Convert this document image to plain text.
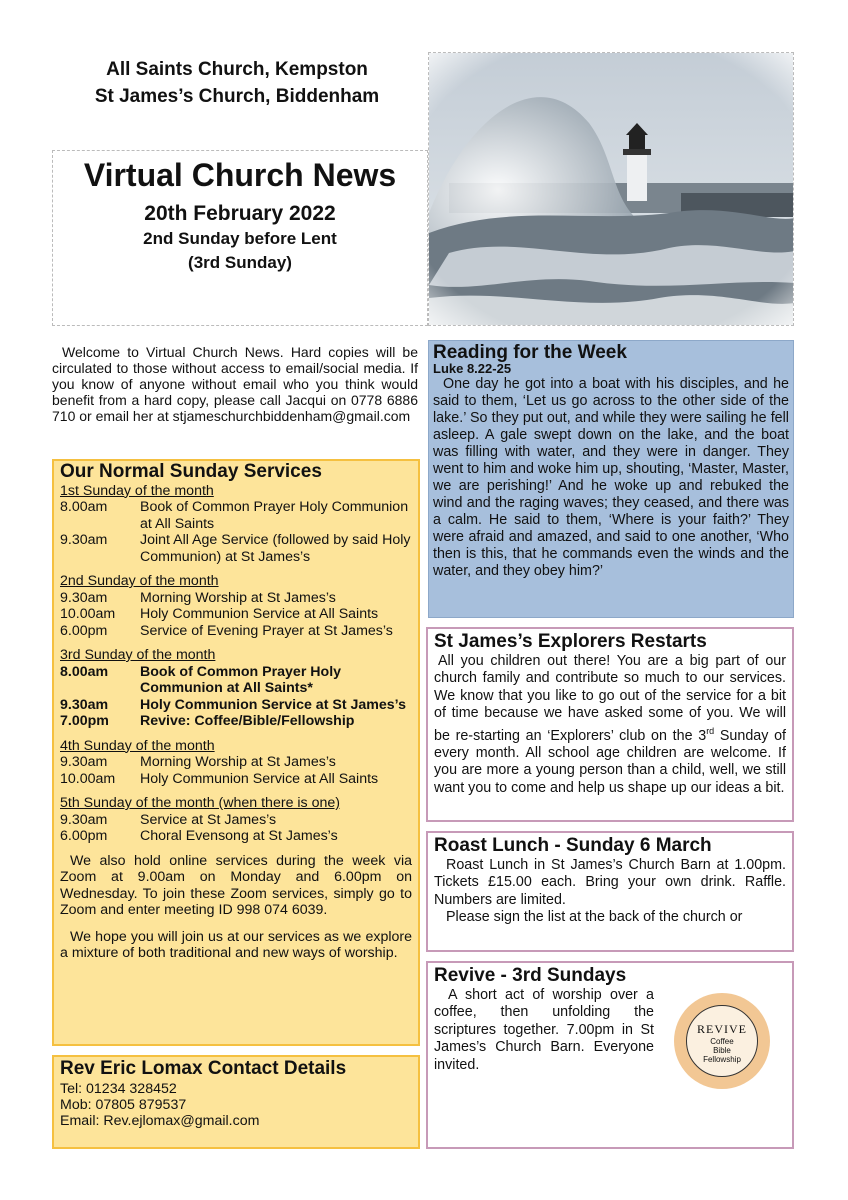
All Saints Church, Kempston
St James’s Church, Biddenham
Virtual Church News
20th February 2022
2nd Sunday before Lent
(3rd Sunday)

Welcome to Virtual Church News. Hard copies will be circulated to those without access to email/social media. If you know of anyone without email who you think would benefit from a hard copy, please call Jacqui on 0778 6886 710 or email her at stjameschurchbiddenham@gmail.com

Our Normal Sunday Services
1st Sunday of the month
8.00am	Book of Common Prayer Holy Communion at All Saints
9.30am	Joint All Age Service (followed by said Holy Communion) at St James’s
2nd Sunday of the month
9.30am	Morning Worship at St James’s
10.00am	Holy Communion Service at All Saints
6.00pm	Service of Evening Prayer at St James’s
3rd Sunday of the month
8.00am	Book of Common Prayer Holy Communion at All Saints*
9.30am	Holy Communion Service at St James’s
7.00pm	Revive: Coffee/Bible/Fellowship
4th Sunday of the month
9.30am	Morning Worship at St James’s
10.00am	Holy Communion Service at All Saints
5th Sunday of the month (when there is one)
9.30am	Service at St James’s
6.00pm	Choral Evensong at St James’s

We also hold online services during the week via Zoom at 9.00am on Monday and 6.00pm on Wednesday. To join these Zoom services, simply go to Zoom and enter meeting ID 998 074 6039.

We hope you will join us at our services as we explore a mixture of both traditional and new ways of worship.

Rev Eric Lomax Contact Details
Tel: 01234 328452
Mob: 07805 879537
Email: Rev.ejlomax@gmail.com
Reading for the Week
Luke 8.22-25

One day he got into a boat with his disciples, and he said to them, ‘Let us go across to the other side of the lake.’ So they put out, and while they were sailing he fell asleep. A gale swept down on the lake, and the boat was filling with water, and they were in danger. They went to him and woke him up, shouting, ‘Master, Master, we are perishing!’ And he woke up and rebuked the wind and the raging waves; they ceased, and there was a calm. He said to them, ‘Where is your faith?’ They were afraid and amazed, and said to one another, ‘Who then is this, that he commands even the winds and the water, and they obey him?’

St James’s Explorers Restarts

All you children out there! You are a big part of our church family and contribute so much to our services. We know that you like to go out of the service for a bit of time because we have asked some of you. We will be re-starting an ‘Explorers’ club on the 3rd Sunday of every month. All school age children are welcome. If you are more a young person than a child, well, we still want you to come and help us shape up our ideas a bit.

Roast Lunch - Sunday 6 March

Roast Lunch in St James’s Church Barn at 1.00pm. Tickets £15.00 each. Bring your own drink. Raffle. Numbers are limited.

Please sign the list at the back of the church or

Revive - 3rd Sundays

A short act of worship over a coffee, then unfolding the scriptures together. 7.00pm in St James’s Church Barn. Everyone invited.

REVIVE
Coffee
Bible
Fellowship
